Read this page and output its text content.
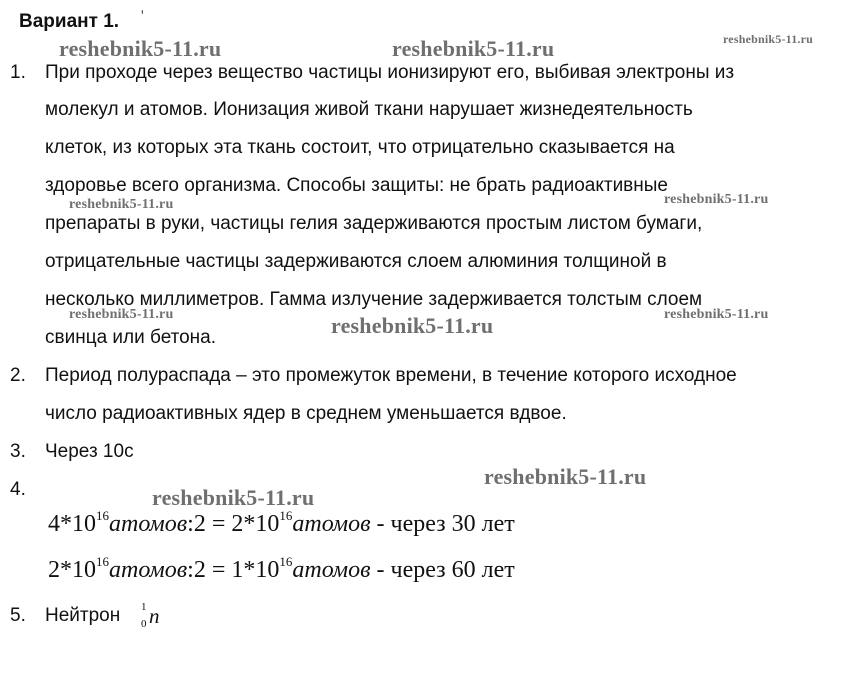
Вариант 1. '
reshebnik5-11.ru	reshebnik5-11.ru	reshebnik5-11.ru
reshebnik5-11.ru	reshebnik5-11.ru
reshebnik5-11.ru	reshebnik5-11.ru	reshebnik5-11.ru
reshebnik5-11.ru
reshebnik5-11.ru
1. При проходе через вещество частицы ионизируют его, выбивая электроны из
молекул и атомов. Ионизация живой ткани нарушает жизнедеятельность
клеток, из которых эта ткань состоит, что отрицательно сказывается на
здоровье всего организма. Способы защиты: не брать радиоактивные
препараты в руки, частицы гелия задерживаются простым листом бумаги,
отрицательные частицы задерживаются слоем алюминия толщиной в
несколько миллиметров. Гамма излучение задерживается толстым слоем
свинца или бетона.
2. Период полураспада – это промежуток времени, в течение которого исходное
число радиоактивных ядер в среднем уменьшается вдвое.
3. Через 10с
4.
$4*10^{16}атомов:2$ = $2*10^{16}атомов$ - через 30 лет
$2*10^{16}атомов:2$ = $1*10^{16}атомов$ - через 60 лет
5. Нейтрон 1
0 n
